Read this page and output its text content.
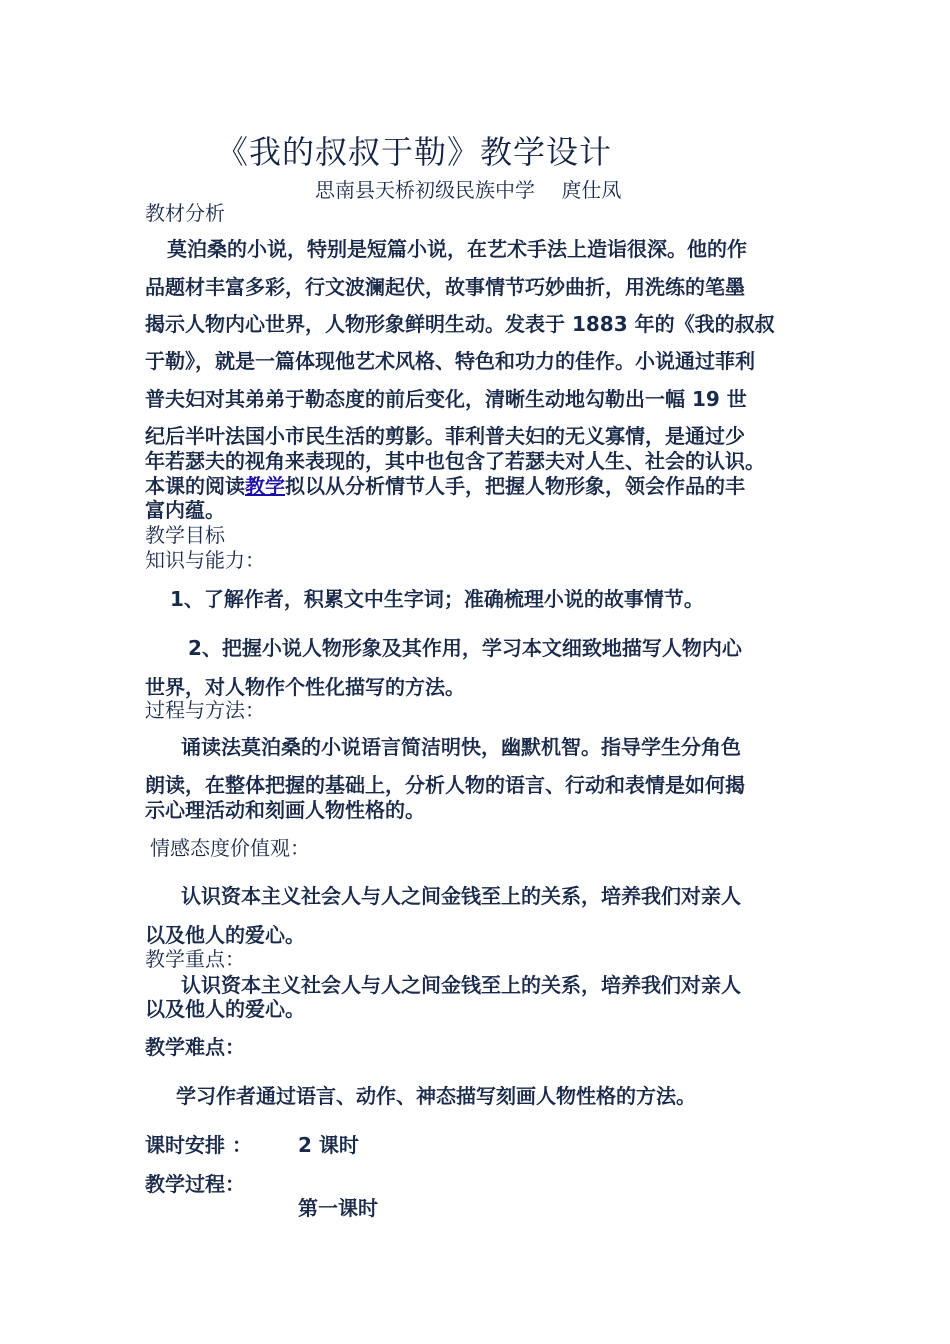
《我的叔叔于勒》教学设计
思南县天桥初级民族中学　 庹仕凤
教材分析
莫泊桑的小说，特别是短篇小说，在艺术手法上造诣很深。他的作
品题材丰富多彩，行文波澜起伏，故事情节巧妙曲折，用洗练的笔墨
揭示人物内心世界，人物形象鲜明生动。发表于 1883 年的《我的叔叔
于勒》，就是一篇体现他艺术风格、特色和功力的佳作。小说通过菲利
普夫妇对其弟弟于勒态度的前后变化，清晰生动地勾勒出一幅 19 世
纪后半叶法国小市民生活的剪影。菲利普夫妇的无义寡情，是通过少
年若瑟夫的视角来表现的，其中也包含了若瑟夫对人生、社会的认识。
本课的阅读教学拟以从分析情节人手，把握人物形象，领会作品的丰
富内蕴。
教学目标
知识与能力：
1、了解作者，积累文中生字词；准确梳理小说的故事情节。
2、把握小说人物形象及其作用，学习本文细致地描写人物内心
世界，对人物作个性化描写的方法。
过程与方法：
诵读法莫泊桑的小说语言简洁明快，幽默机智。指导学生分角色
朗读，在整体把握的基础上，分析人物的语言、行动和表情是如何揭
示心理活动和刻画人物性格的。
情感态度价值观：
认识资本主义社会人与人之间金钱至上的关系，培养我们对亲人
以及他人的爱心。
教学重点：
认识资本主义社会人与人之间金钱至上的关系，培养我们对亲人
以及他人的爱心。
教学难点：
学习作者通过语言、动作、神态描写刻画人物性格的方法。
课时安排 ： 2 课时
教学过程：
第一课时
